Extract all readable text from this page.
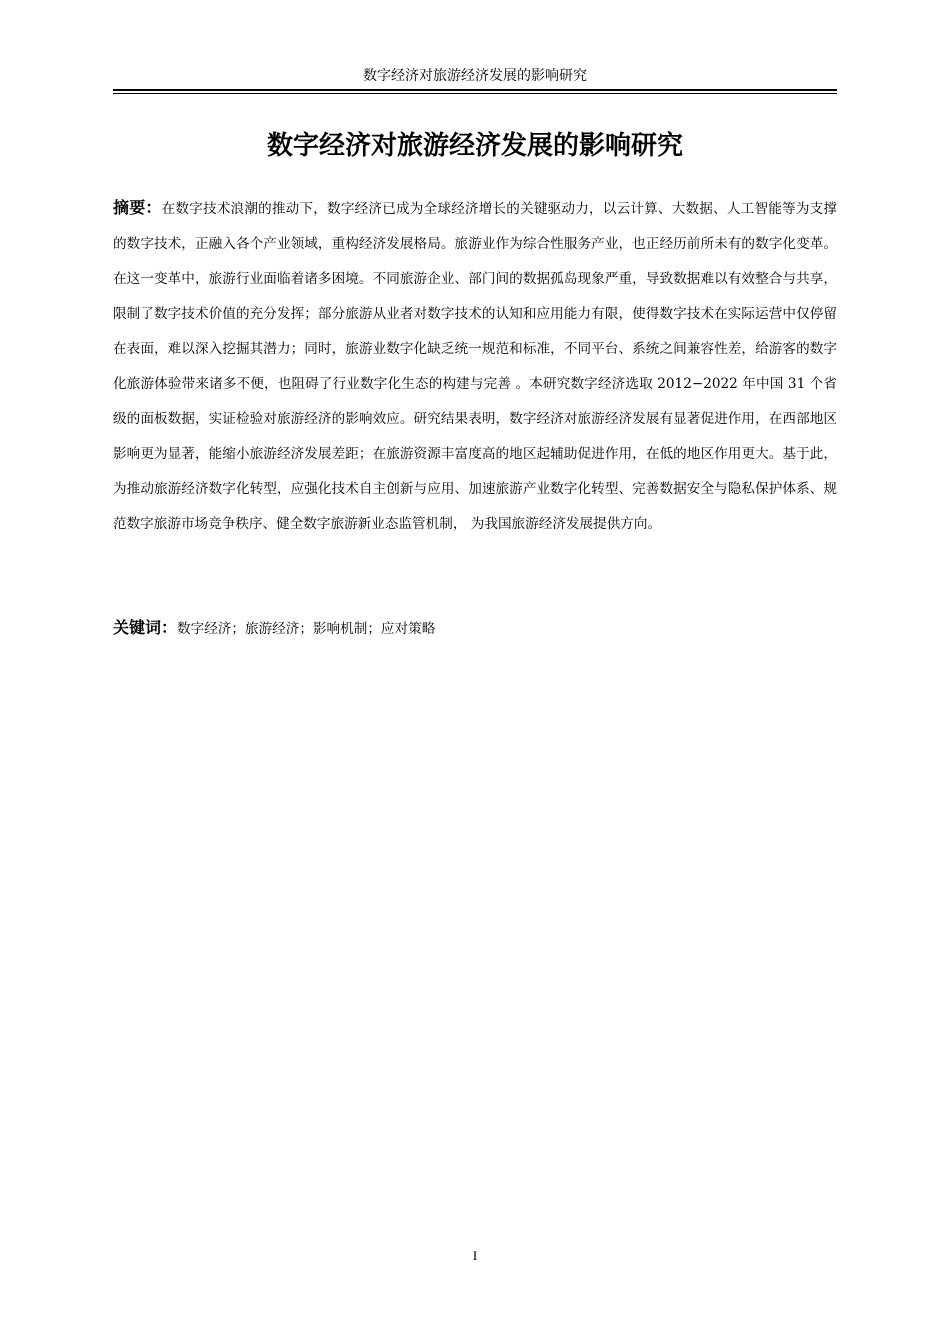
数字经济对旅游经济发展的影响研究
数字经济对旅游经济发展的影响研究

摘要：在数字技术浪潮的推动下，数字经济已成为全球经济增长的关键驱动力，以云计算、大数据、人工智能等为支撑的数字技术，正融入各个产业领域，重构经济发展格局。旅游业作为综合性服务产业，也正经历前所未有的数字化变革。在这一变革中，旅游行业面临着诸多困境。不同旅游企业、部门间的数据孤岛现象严重，导致数据难以有效整合与共享，限制了数字技术价值的充分发挥；部分旅游从业者对数字技术的认知和应用能力有限，使得数字技术在实际运营中仅停留在表面，难以深入挖掘其潜力；同时，旅游业数字化缺乏统一规范和标准，不同平台、系统之间兼容性差，给游客的数字化旅游体验带来诸多不便，也阻碍了行业数字化生态的构建与完善 。本研究数字经济选取 2012−2022 年中国 31 个省级的面板数据，实证检验对旅游经济的影响效应。研究结果表明，数字经济对旅游经济发展有显著促进作用，在西部地区影响更为显著，能缩小旅游经济发展差距；在旅游资源丰富度高的地区起辅助促进作用，在低的地区作用更大。基于此，为推动旅游经济数字化转型，应强化技术自主创新与应用、加速旅游产业数字化转型、完善数据安全与隐私保护体系、规范数字旅游市场竞争秩序、健全数字旅游新业态监管机制， 为我国旅游经济发展提供方向。

关键词：数字经济；旅游经济；影响机制；应对策略

I
